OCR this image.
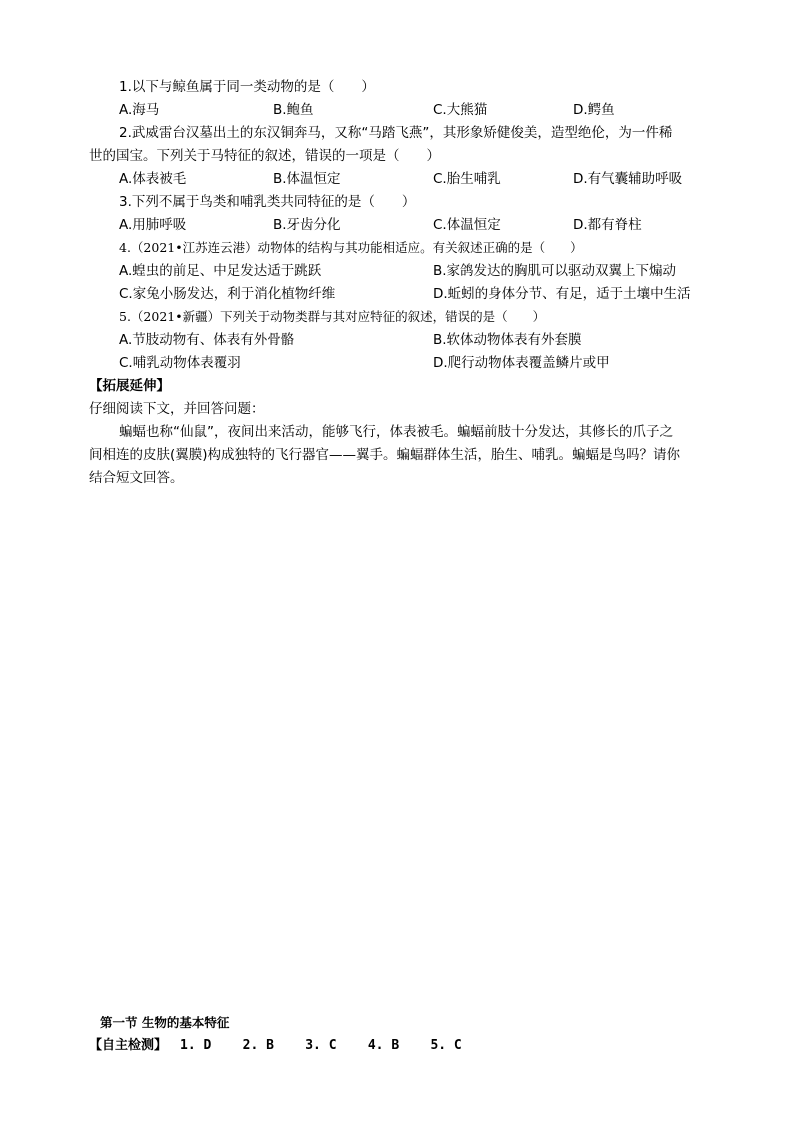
1.以下与鲸鱼属于同一类动物的是（　　）
A.海马	B.鲍鱼	C.大熊猫	D.鳄鱼
2.武威雷台汉墓出土的东汉铜奔马，又称“马踏飞燕”，其形象矫健俊美，造型绝伦，为一件稀
世的国宝。下列关于马特征的叙述，错误的一项是（　　）
A.体表被毛	B.体温恒定	C.胎生哺乳	D.有气囊辅助呼吸
3.下列不属于鸟类和哺乳类共同特征的是（　　）
A.用肺呼吸	B.牙齿分化	C.体温恒定	D.都有脊柱
4.（2021•江苏连云港）动物体的结构与其功能相适应。有关叙述正确的是（　　）
A.蝗虫的前足、中足发达适于跳跃	B.家鸽发达的胸肌可以驱动双翼上下煽动
C.家兔小肠发达，利于消化植物纤维	D.蚯蚓的身体分节、有足，适于土壤中生活
5.（2021•新疆）下列关于动物类群与其对应特征的叙述，错误的是（　　）
A.节肢动物有、体表有外骨骼	B.软体动物体表有外套膜
C.哺乳动物体表覆羽	D.爬行动物体表覆盖鳞片或甲
【拓展延伸】
仔细阅读下文，并回答问题：
蝙蝠也称“仙鼠”，夜间出来活动，能够飞行，体表被毛。蝙蝠前肢十分发达，其修长的爪子之
间相连的皮肤(翼膜)构成独特的飞行器官——翼手。蝙蝠群体生活，胎生、哺乳。蝙蝠是鸟吗？请你
结合短文回答。
第一节 生物的基本特征
【自主检测】 1. D    2. B    3. C    4. B    5. C
